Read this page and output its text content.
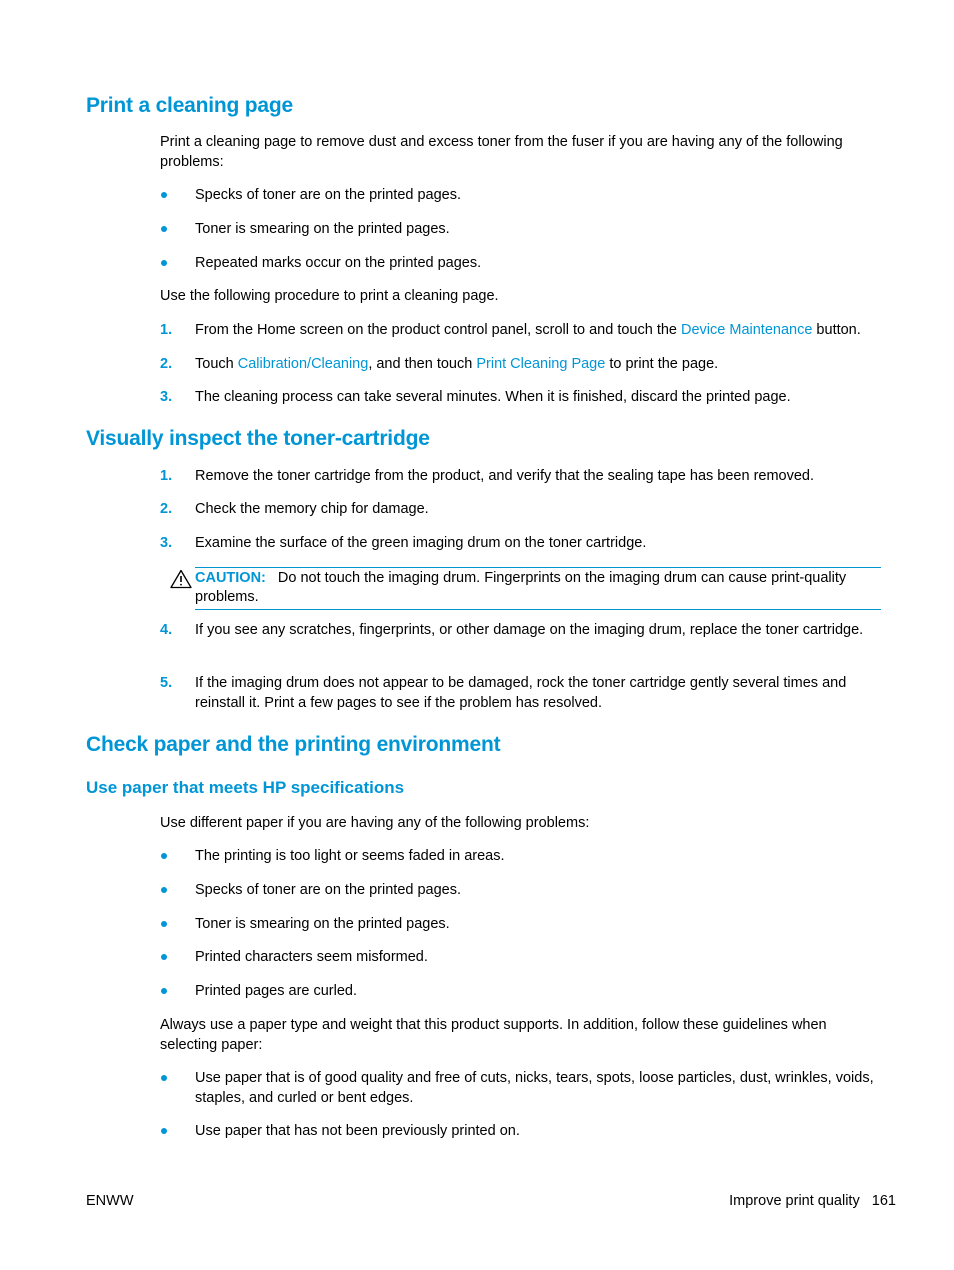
Print a cleaning page

Print a cleaning page to remove dust and excess toner from the fuser if you are having any of the following problems:

Specks of toner are on the printed pages.
Toner is smearing on the printed pages.
Repeated marks occur on the printed pages.

Use the following procedure to print a cleaning page.

1.	From the Home screen on the product control panel, scroll to and touch the Device Maintenance button.
2.	Touch Calibration/Cleaning, and then touch Print Cleaning Page to print the page.
3.	The cleaning process can take several minutes. When it is finished, discard the printed page.
Visually inspect the toner-cartridge
1.	Remove the toner cartridge from the product, and verify that the sealing tape has been removed.
2.	Check the memory chip for damage.
3.	Examine the surface of the green imaging drum on the toner cartridge.
CAUTION: Do not touch the imaging drum. Fingerprints on the imaging drum can cause print-quality problems.
4.	If you see any scratches, fingerprints, or other damage on the imaging drum, replace the toner cartridge.
5.	If the imaging drum does not appear to be damaged, rock the toner cartridge gently several times and reinstall it. Print a few pages to see if the problem has resolved.
Check paper and the printing environment
Use paper that meets HP specifications

Use different paper if you are having any of the following problems:

The printing is too light or seems faded in areas.
Specks of toner are on the printed pages.
Toner is smearing on the printed pages.
Printed characters seem misformed.
Printed pages are curled.

Always use a paper type and weight that this product supports. In addition, follow these guidelines when selecting paper:

Use paper that is of good quality and free of cuts, nicks, tears, spots, loose particles, dust, wrinkles, voids, staples, and curled or bent edges.
Use paper that has not been previously printed on.
ENWW	Improve print quality 161
